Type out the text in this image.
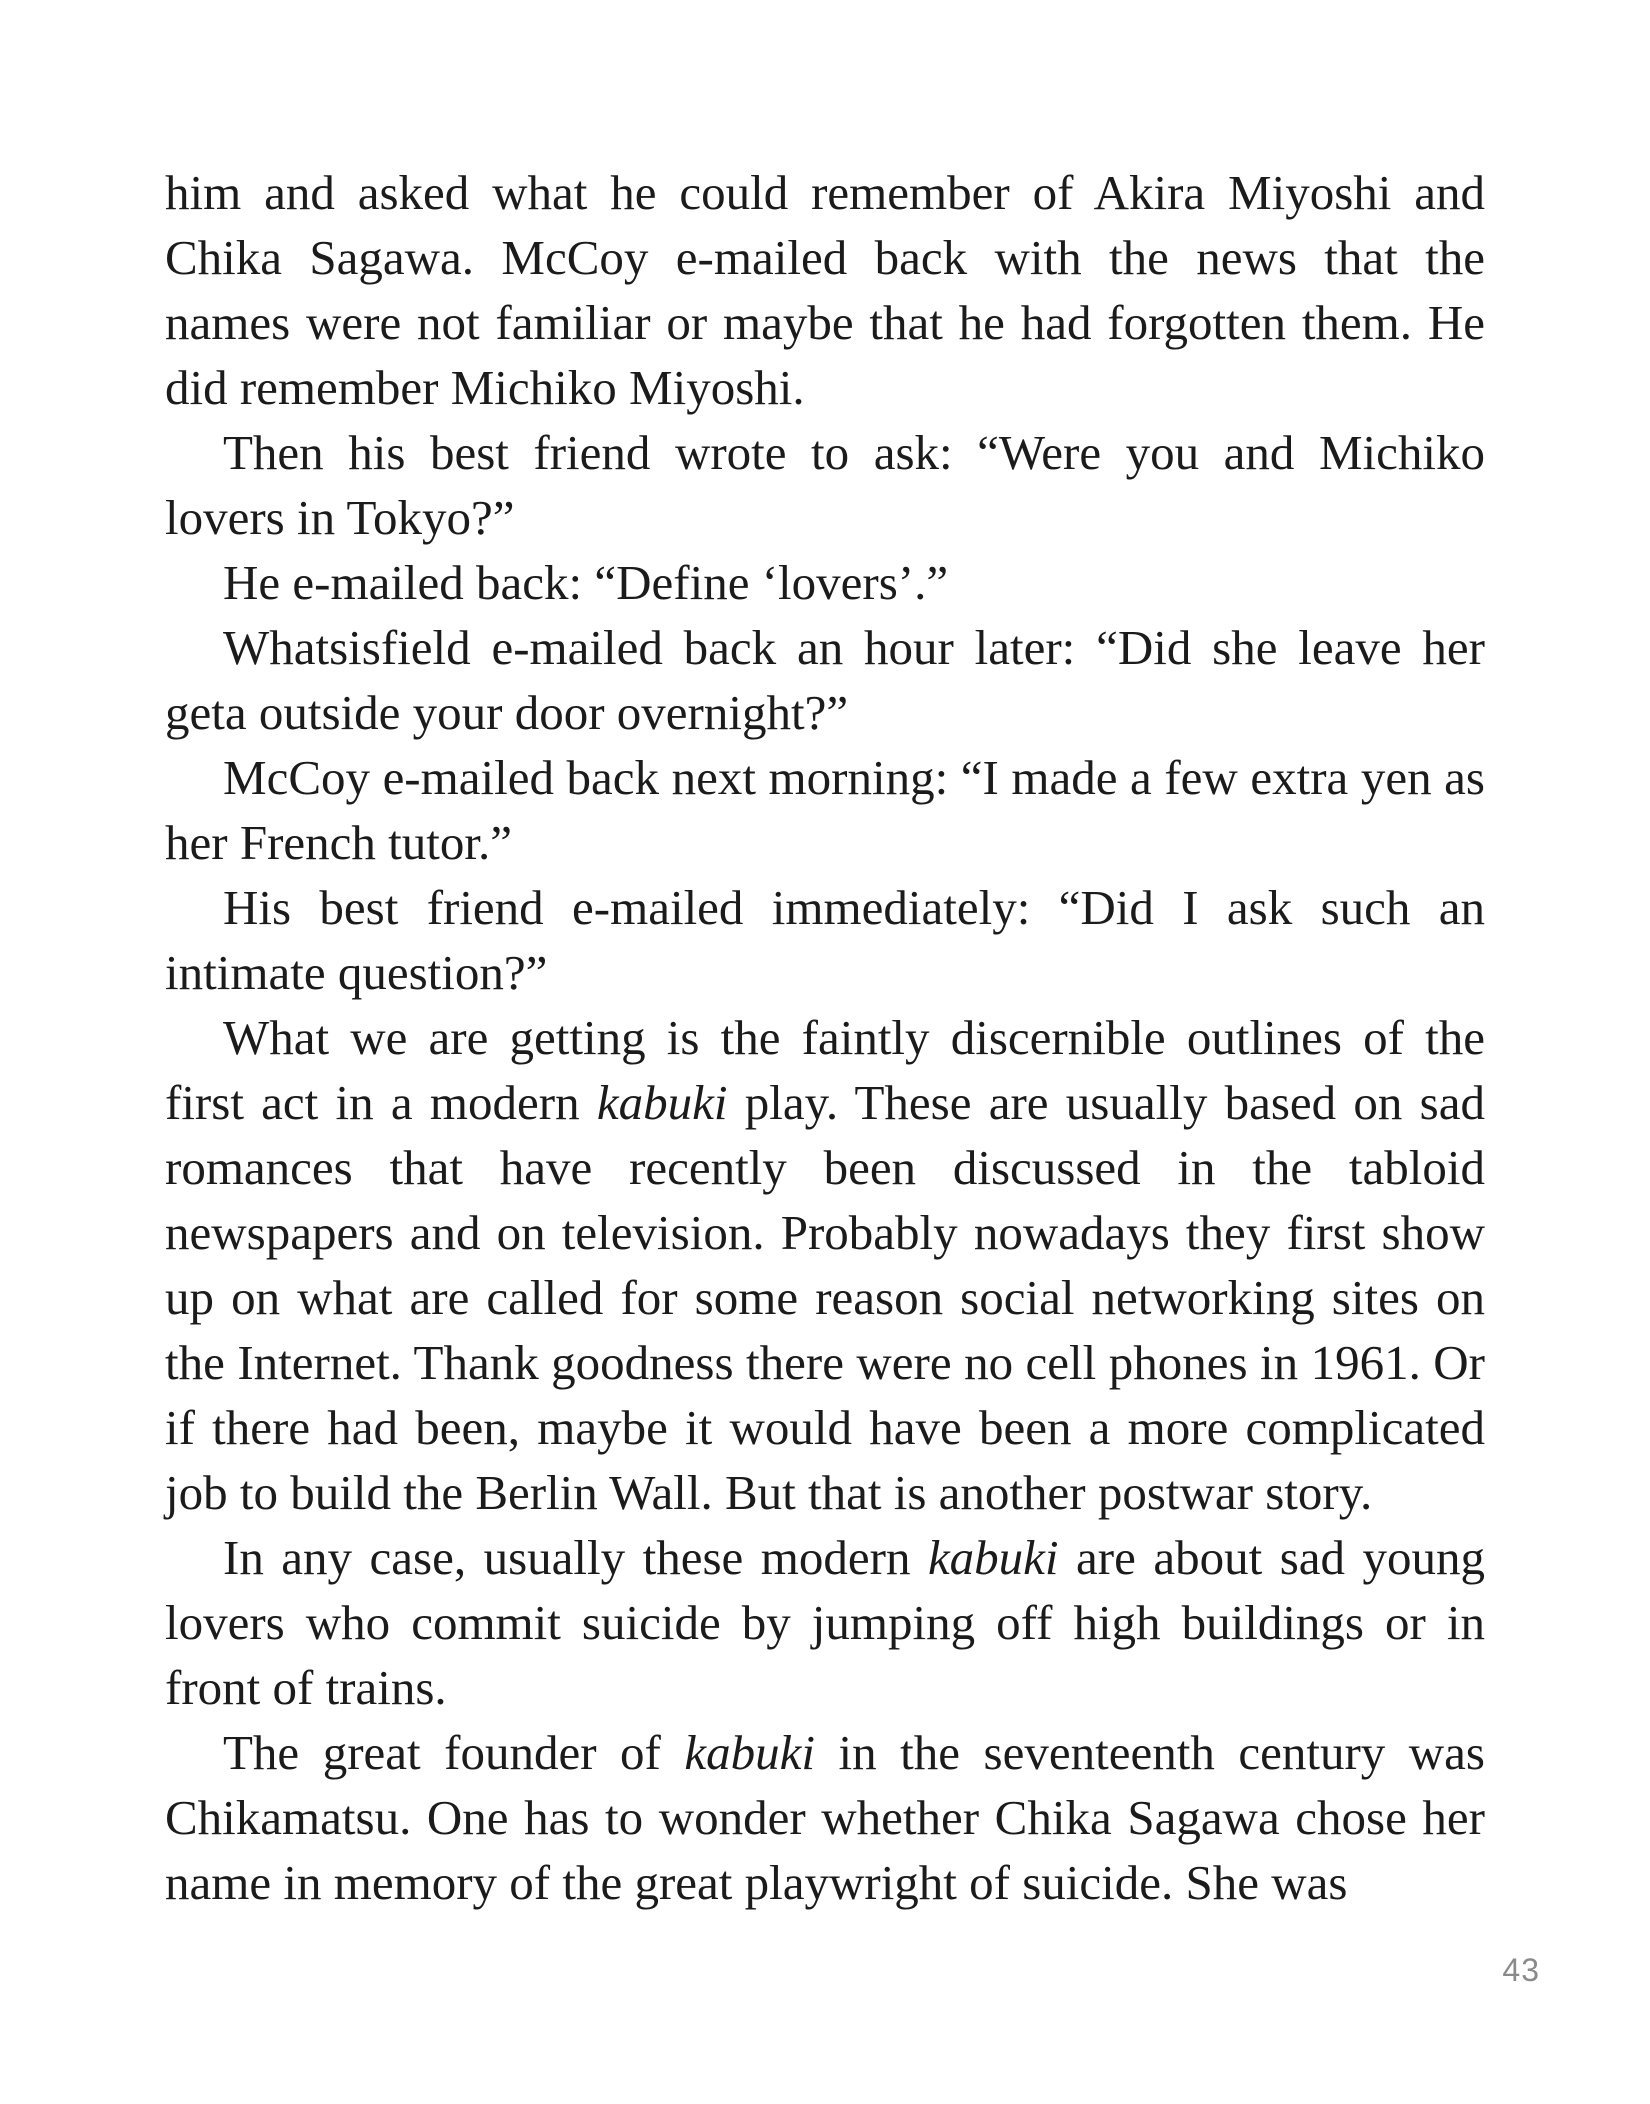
him and asked what he could remember of Akira Miyoshi and Chika Sagawa. McCoy e-mailed back with the news that the names were not familiar or maybe that he had forgotten them. He did remember Michiko Miyoshi.

Then his best friend wrote to ask: “Were you and Michiko lovers in Tokyo?”

He e-mailed back: “Define ‘lovers’.”

Whatsisfield e-mailed back an hour later: “Did she leave her geta outside your door overnight?”

McCoy e-mailed back next morning: “I made a few extra yen as her French tutor.”

His best friend e-mailed immediately: “Did I ask such an intimate question?”

What we are getting is the faintly discernible outlines of the first act in a modern kabuki play. These are usually based on sad romances that have recently been discussed in the tabloid newspapers and on television. Probably nowadays they first show up on what are called for some reason social networking sites on the Internet. Thank goodness there were no cell phones in 1961. Or if there had been, maybe it would have been a more complicated job to build the Berlin Wall. But that is another postwar story.

In any case, usually these modern kabuki are about sad young lovers who commit suicide by jumping off high buildings or in front of trains.

The great founder of kabuki in the seventeenth century was Chikamatsu. One has to wonder whether Chika Sagawa chose her name in memory of the great playwright of suicide. She was

43
